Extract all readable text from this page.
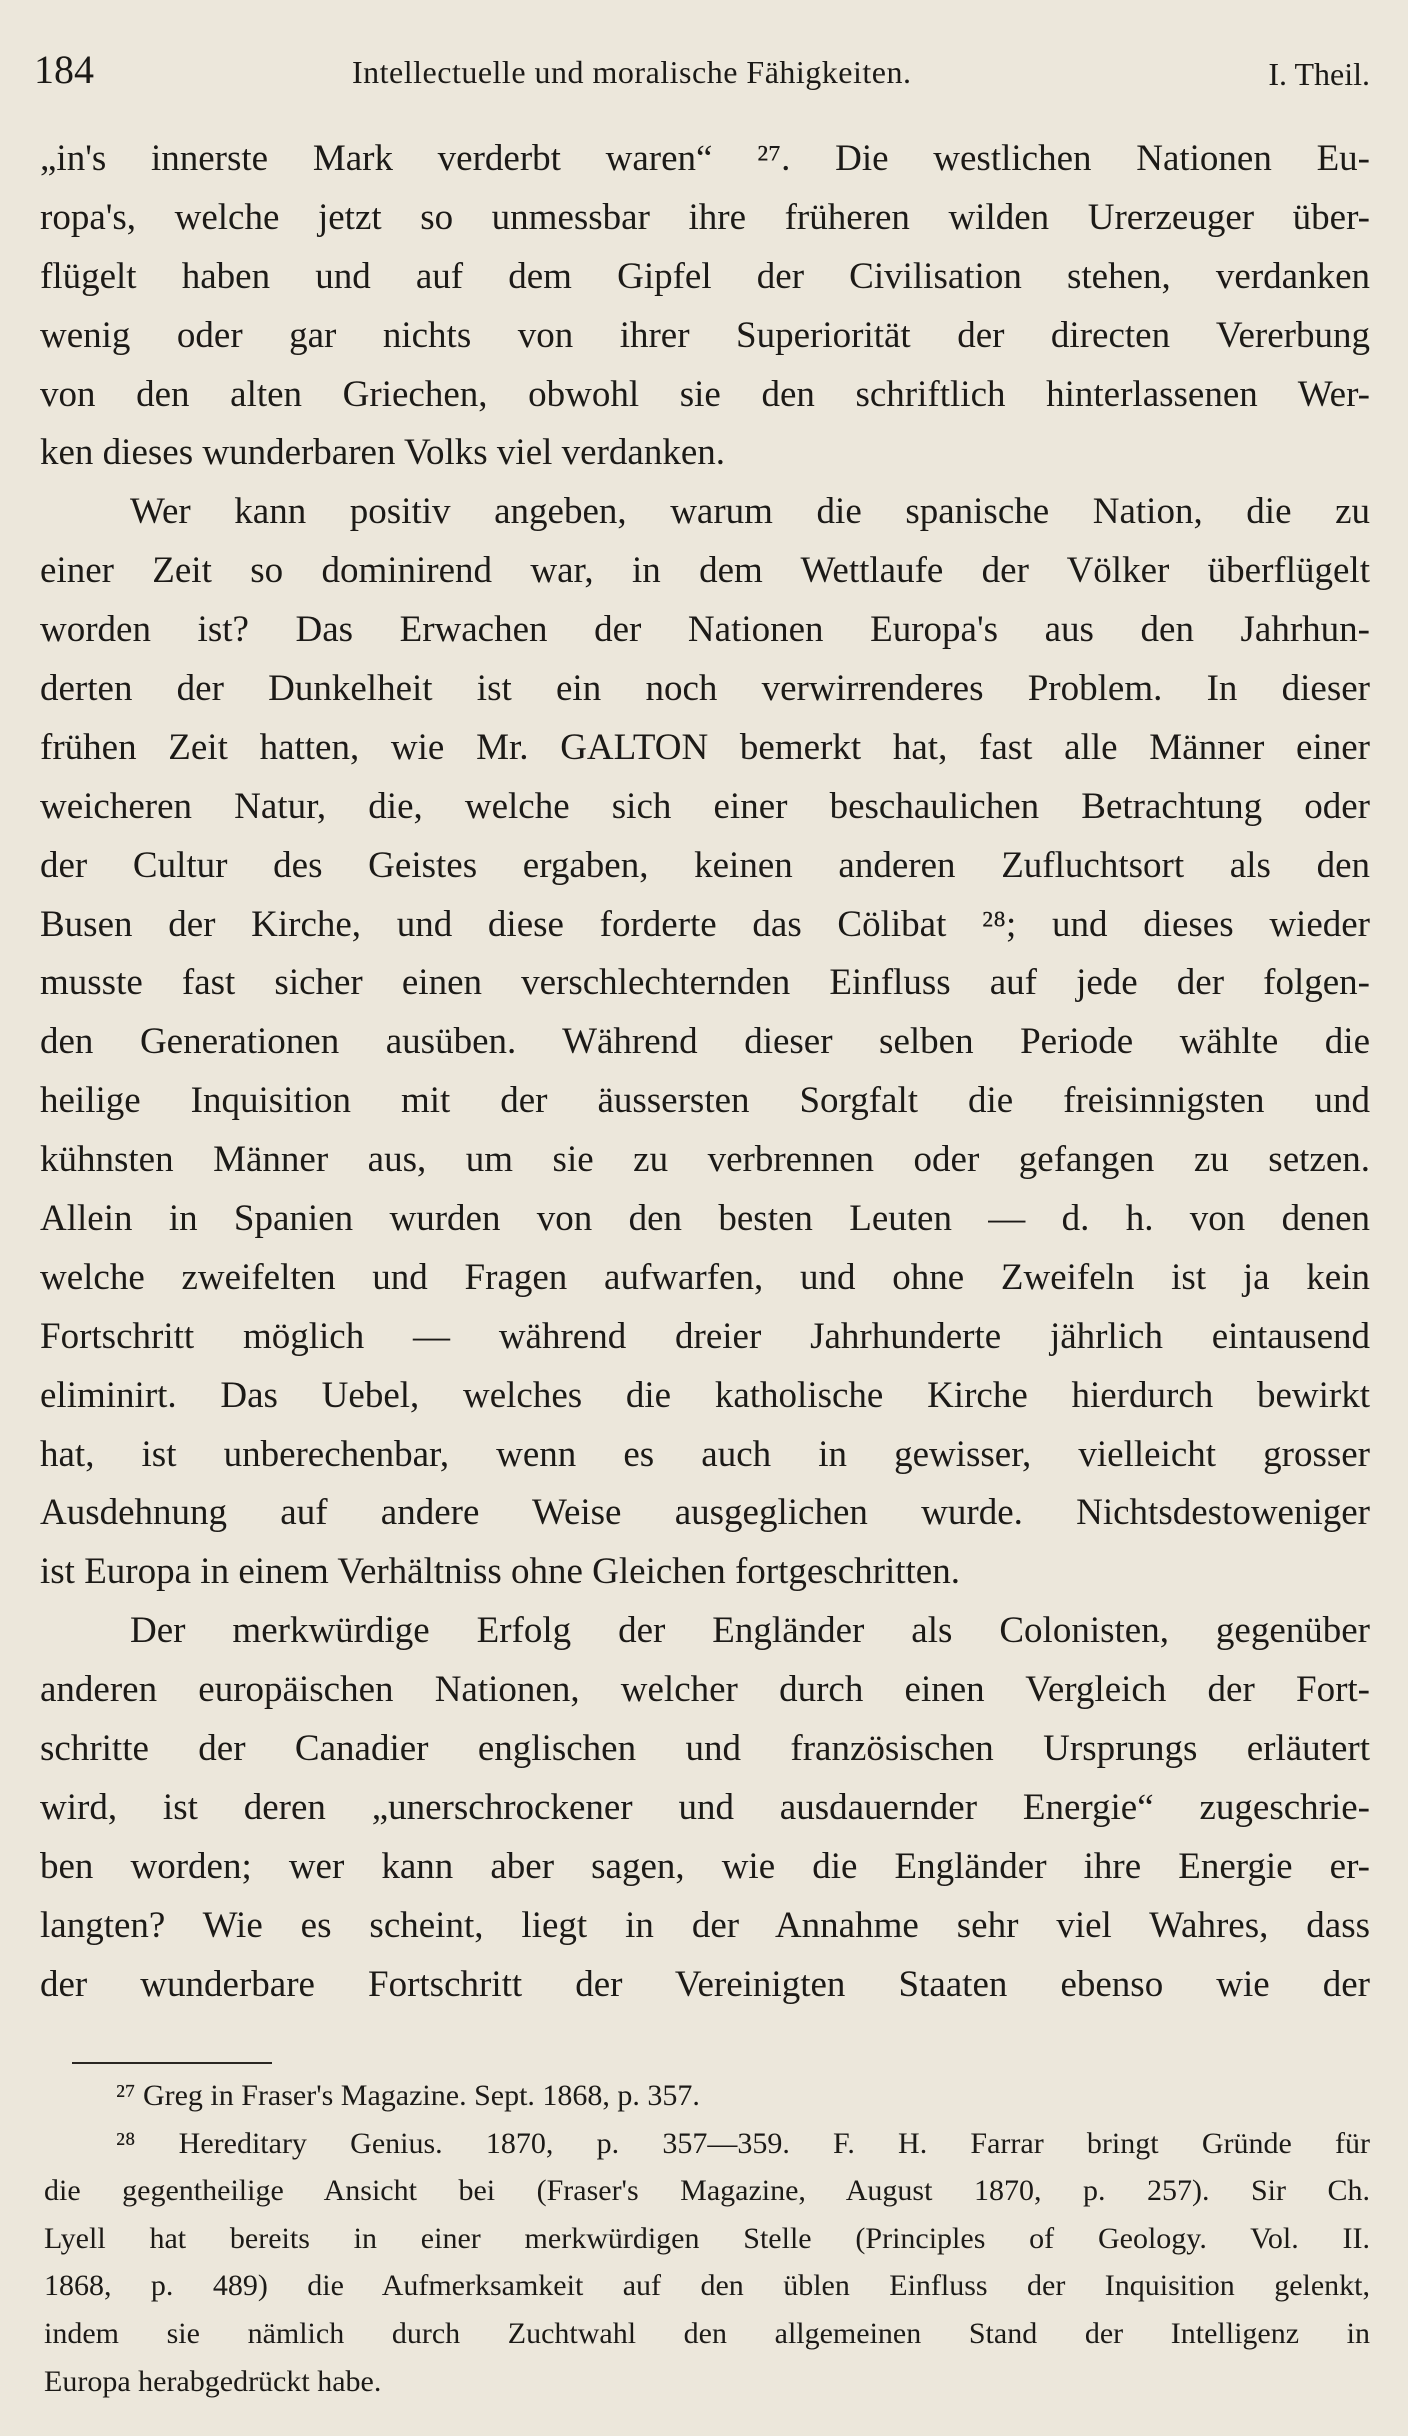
184	Intellectuelle und moralische Fähigkeiten.	I. Theil.
„in's innerste Mark verderbt waren“ ²⁷. Die westlichen Nationen Eu-
ropa's, welche jetzt so unmessbar ihre früheren wilden Urerzeuger über-
flügelt haben und auf dem Gipfel der Civilisation stehen, verdanken
wenig oder gar nichts von ihrer Superiorität der directen Vererbung
von den alten Griechen, obwohl sie den schriftlich hinterlassenen Wer-
ken dieses wunderbaren Volks viel verdanken.
Wer kann positiv angeben, warum die spanische Nation, die zu
einer Zeit so dominirend war, in dem Wettlaufe der Völker überflügelt
worden ist? Das Erwachen der Nationen Europa's aus den Jahrhun-
derten der Dunkelheit ist ein noch verwirrenderes Problem. In dieser
frühen Zeit hatten, wie Mr. GALTON bemerkt hat, fast alle Männer einer
weicheren Natur, die, welche sich einer beschaulichen Betrachtung oder
der Cultur des Geistes ergaben, keinen anderen Zufluchtsort als den
Busen der Kirche, und diese forderte das Cölibat ²⁸; und dieses wieder
musste fast sicher einen verschlechternden Einfluss auf jede der folgen-
den Generationen ausüben. Während dieser selben Periode wählte die
heilige Inquisition mit der äussersten Sorgfalt die freisinnigsten und
kühnsten Männer aus, um sie zu verbrennen oder gefangen zu setzen.
Allein in Spanien wurden von den besten Leuten — d. h. von denen
welche zweifelten und Fragen aufwarfen, und ohne Zweifeln ist ja kein
Fortschritt möglich — während dreier Jahrhunderte jährlich eintausend
eliminirt. Das Uebel, welches die katholische Kirche hierdurch bewirkt
hat, ist unberechenbar, wenn es auch in gewisser, vielleicht grosser
Ausdehnung auf andere Weise ausgeglichen wurde. Nichtsdestoweniger
ist Europa in einem Verhältniss ohne Gleichen fortgeschritten.
Der merkwürdige Erfolg der Engländer als Colonisten, gegenüber
anderen europäischen Nationen, welcher durch einen Vergleich der Fort-
schritte der Canadier englischen und französischen Ursprungs erläutert
wird, ist deren „unerschrockener und ausdauernder Energie“ zugeschrie-
ben worden; wer kann aber sagen, wie die Engländer ihre Energie er-
langten? Wie es scheint, liegt in der Annahme sehr viel Wahres, dass
der wunderbare Fortschritt der Vereinigten Staaten ebenso wie der
²⁷ Greg in Fraser's Magazine. Sept. 1868, p. 357.
²⁸ Hereditary Genius. 1870, p. 357—359. F. H. Farrar bringt Gründe für
die gegentheilige Ansicht bei (Fraser's Magazine, August 1870, p. 257). Sir Ch.
Lyell hat bereits in einer merkwürdigen Stelle (Principles of Geology. Vol. II.
1868, p. 489) die Aufmerksamkeit auf den üblen Einfluss der Inquisition gelenkt,
indem sie nämlich durch Zuchtwahl den allgemeinen Stand der Intelligenz in
Europa herabgedrückt habe.
